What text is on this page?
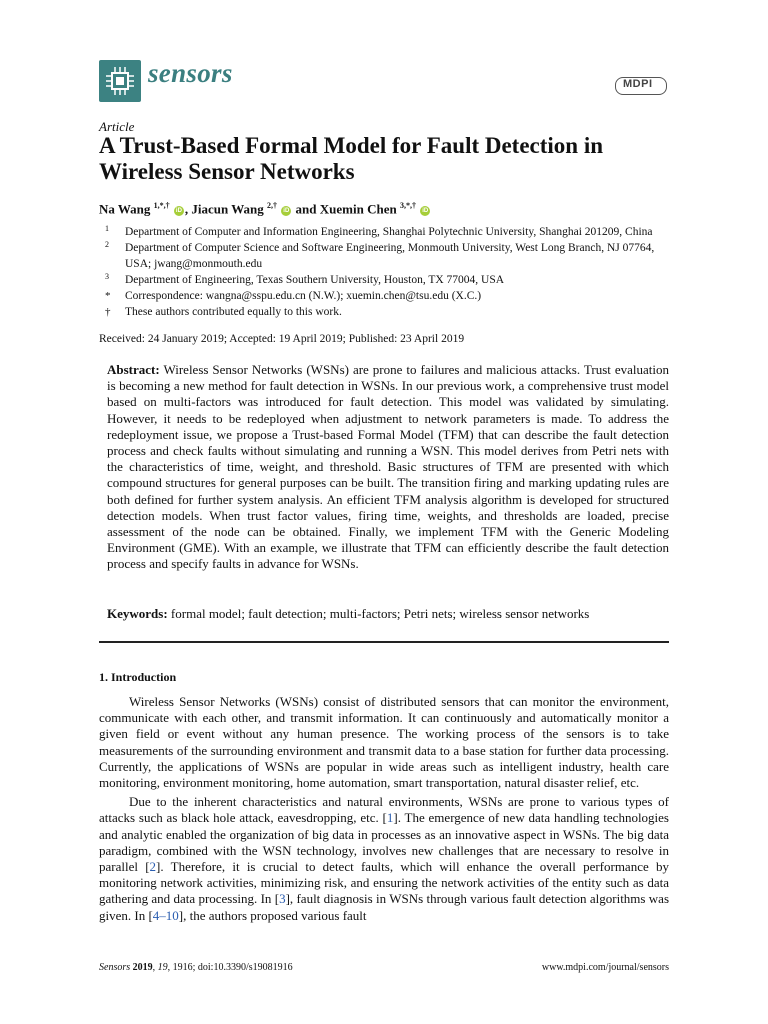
sensors	MDPI
Article
A Trust-Based Formal Model for Fault Detection in Wireless Sensor Networks
Na Wang $^{1,*,\dagger}$ iD , Jiacun Wang $^{2,\dagger}$ iD and Xuemin Chen $^{3,*,\dagger}$ iD
1 Department of Computer and Information Engineering, Shanghai Polytechnic University, Shanghai 201209, China
2 Department of Computer Science and Software Engineering, Monmouth University, West Long Branch, NJ 07764, USA; jwang@monmouth.edu
3 Department of Engineering, Texas Southern University, Houston, TX 77004, USA
* Correspondence: wangna@sspu.edu.cn (N.W.); xuemin.chen@tsu.edu (X.C.)
† These authors contributed equally to this work.
Received: 24 January 2019; Accepted: 19 April 2019; Published: 23 April 2019
Abstract: Wireless Sensor Networks (WSNs) are prone to failures and malicious attacks. Trust evaluation is becoming a new method for fault detection in WSNs. In our previous work, a comprehensive trust model based on multi-factors was introduced for fault detection. This model was validated by simulating. However, it needs to be redeployed when adjustment to network parameters is made. To address the redeployment issue, we propose a Trust-based Formal Model (TFM) that can describe the fault detection process and check faults without simulating and running a WSN. This model derives from Petri nets with the characteristics of time, weight, and threshold. Basic structures of TFM are presented with which compound structures for general purposes can be built. The transition firing and marking updating rules are both defined for further system analysis. An efficient TFM analysis algorithm is developed for structured detection models. When trust factor values, firing time, weights, and thresholds are loaded, precise assessment of the node can be obtained. Finally, we implement TFM with the Generic Modeling Environment (GME). With an example, we illustrate that TFM can efficiently describe the fault detection process and specify faults in advance for WSNs.
Keywords: formal model; fault detection; multi-factors; Petri nets; wireless sensor networks
1. Introduction

Wireless Sensor Networks (WSNs) consist of distributed sensors that can monitor the environment, communicate with each other, and transmit information. It can continuously and automatically monitor a given field or event without any human presence. The working process of the sensors is to take measurements of the surrounding environment and transmit data to a base station for further data processing. Currently, the applications of WSNs are popular in wide areas such as intelligent industry, health care monitoring, environment monitoring, home automation, smart transportation, natural disaster relief, etc.

Due to the inherent characteristics and natural environments, WSNs are prone to various types of attacks such as black hole attack, eavesdropping, etc. [1]. The emergence of new data handling technologies and analytic enabled the organization of big data in processes as an innovative aspect in WSNs. The big data paradigm, combined with the WSN technology, involves new challenges that are necessary to resolve in parallel [2]. Therefore, it is crucial to detect faults, which will enhance the overall performance by monitoring network activities, minimizing risk, and ensuring the network activities of the entity such as data gathering and data processing. In [3], fault diagnosis in WSNs through various fault detection algorithms was given. In [4–10], the authors proposed various fault

Sensors 2019, 19, 1916; doi:10.3390/s19081916	www.mdpi.com/journal/sensors
